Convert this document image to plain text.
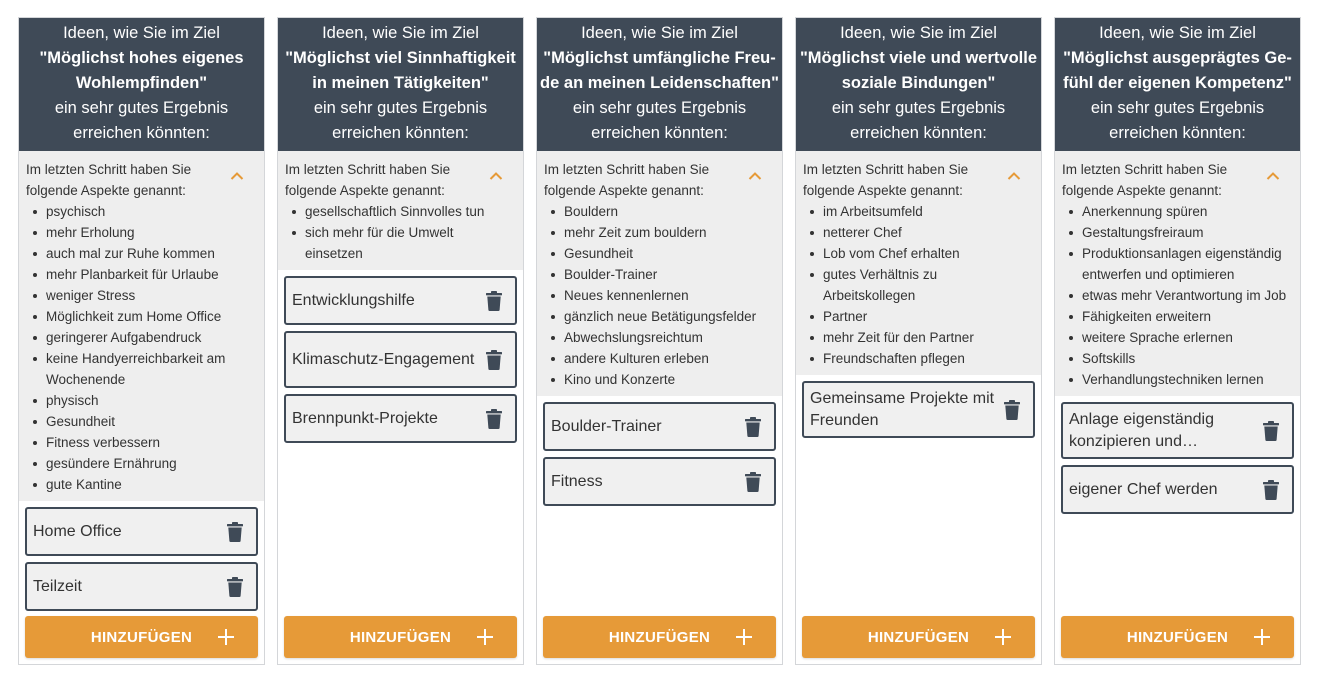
Ideen, wie Sie im Ziel
"Möglichst hohes eigenes
Wohlempfinden"
ein sehr gutes Ergebnis
erreichen könnten:
Im letzten Schritt haben Sie folgende Aspekte genannt:
psychisch
mehr Erholung
auch mal zur Ruhe kommen
mehr Planbarkeit für Urlaube
weniger Stress
Möglichkeit zum Home Office
geringerer Aufgabendruck
keine Handyerreichbarkeit am Wochenende
physisch
Gesundheit
Fitness verbessern
gesündere Ernährung
gute Kantine
Home Office
Teilzeit
HINZUFÜGEN
Ideen, wie Sie im Ziel
"Möglichst viel Sinnhaftigkeit
in meinen Tätigkeiten"
ein sehr gutes Ergebnis
erreichen könnten:
Im letzten Schritt haben Sie folgende Aspekte genannt:
gesellschaftlich Sinnvolles tun
sich mehr für die Umwelt einsetzen
Entwicklungshilfe
Klimaschutz-Engagement
Brennpunkt-Projekte
HINZUFÜGEN
Ideen, wie Sie im Ziel
"Möglichst umfängliche Freu-
de an meinen Leidenschaften"
ein sehr gutes Ergebnis
erreichen könnten:
Im letzten Schritt haben Sie folgende Aspekte genannt:
Bouldern
mehr Zeit zum bouldern
Gesundheit
Boulder-Trainer
Neues kennenlernen
gänzlich neue Betätigungsfelder
Abwechslungsreichtum
andere Kulturen erleben
Kino und Konzerte
Boulder-Trainer
Fitness
HINZUFÜGEN
Ideen, wie Sie im Ziel
"Möglichst viele und wertvolle
soziale Bindungen"
ein sehr gutes Ergebnis
erreichen könnten:
Im letzten Schritt haben Sie folgende Aspekte genannt:
im Arbeitsumfeld
netterer Chef
Lob vom Chef erhalten
gutes Verhältnis zu Arbeitskollegen
Partner
mehr Zeit für den Partner
Freundschaften pflegen
Gemeinsame Projekte mit Freunden
HINZUFÜGEN
Ideen, wie Sie im Ziel
"Möglichst ausgeprägtes Ge-
fühl der eigenen Kompetenz"
ein sehr gutes Ergebnis
erreichen könnten:
Im letzten Schritt haben Sie folgende Aspekte genannt:
Anerkennung spüren
Gestaltungsfreiraum
Produktionsanlagen eigenständig entwerfen und optimieren
etwas mehr Verantwortung im Job
Fähigkeiten erweitern
weitere Sprache erlernen
Softskills
Verhandlungstechniken lernen
Anlage eigenständig konzipieren und…
eigener Chef werden
HINZUFÜGEN
